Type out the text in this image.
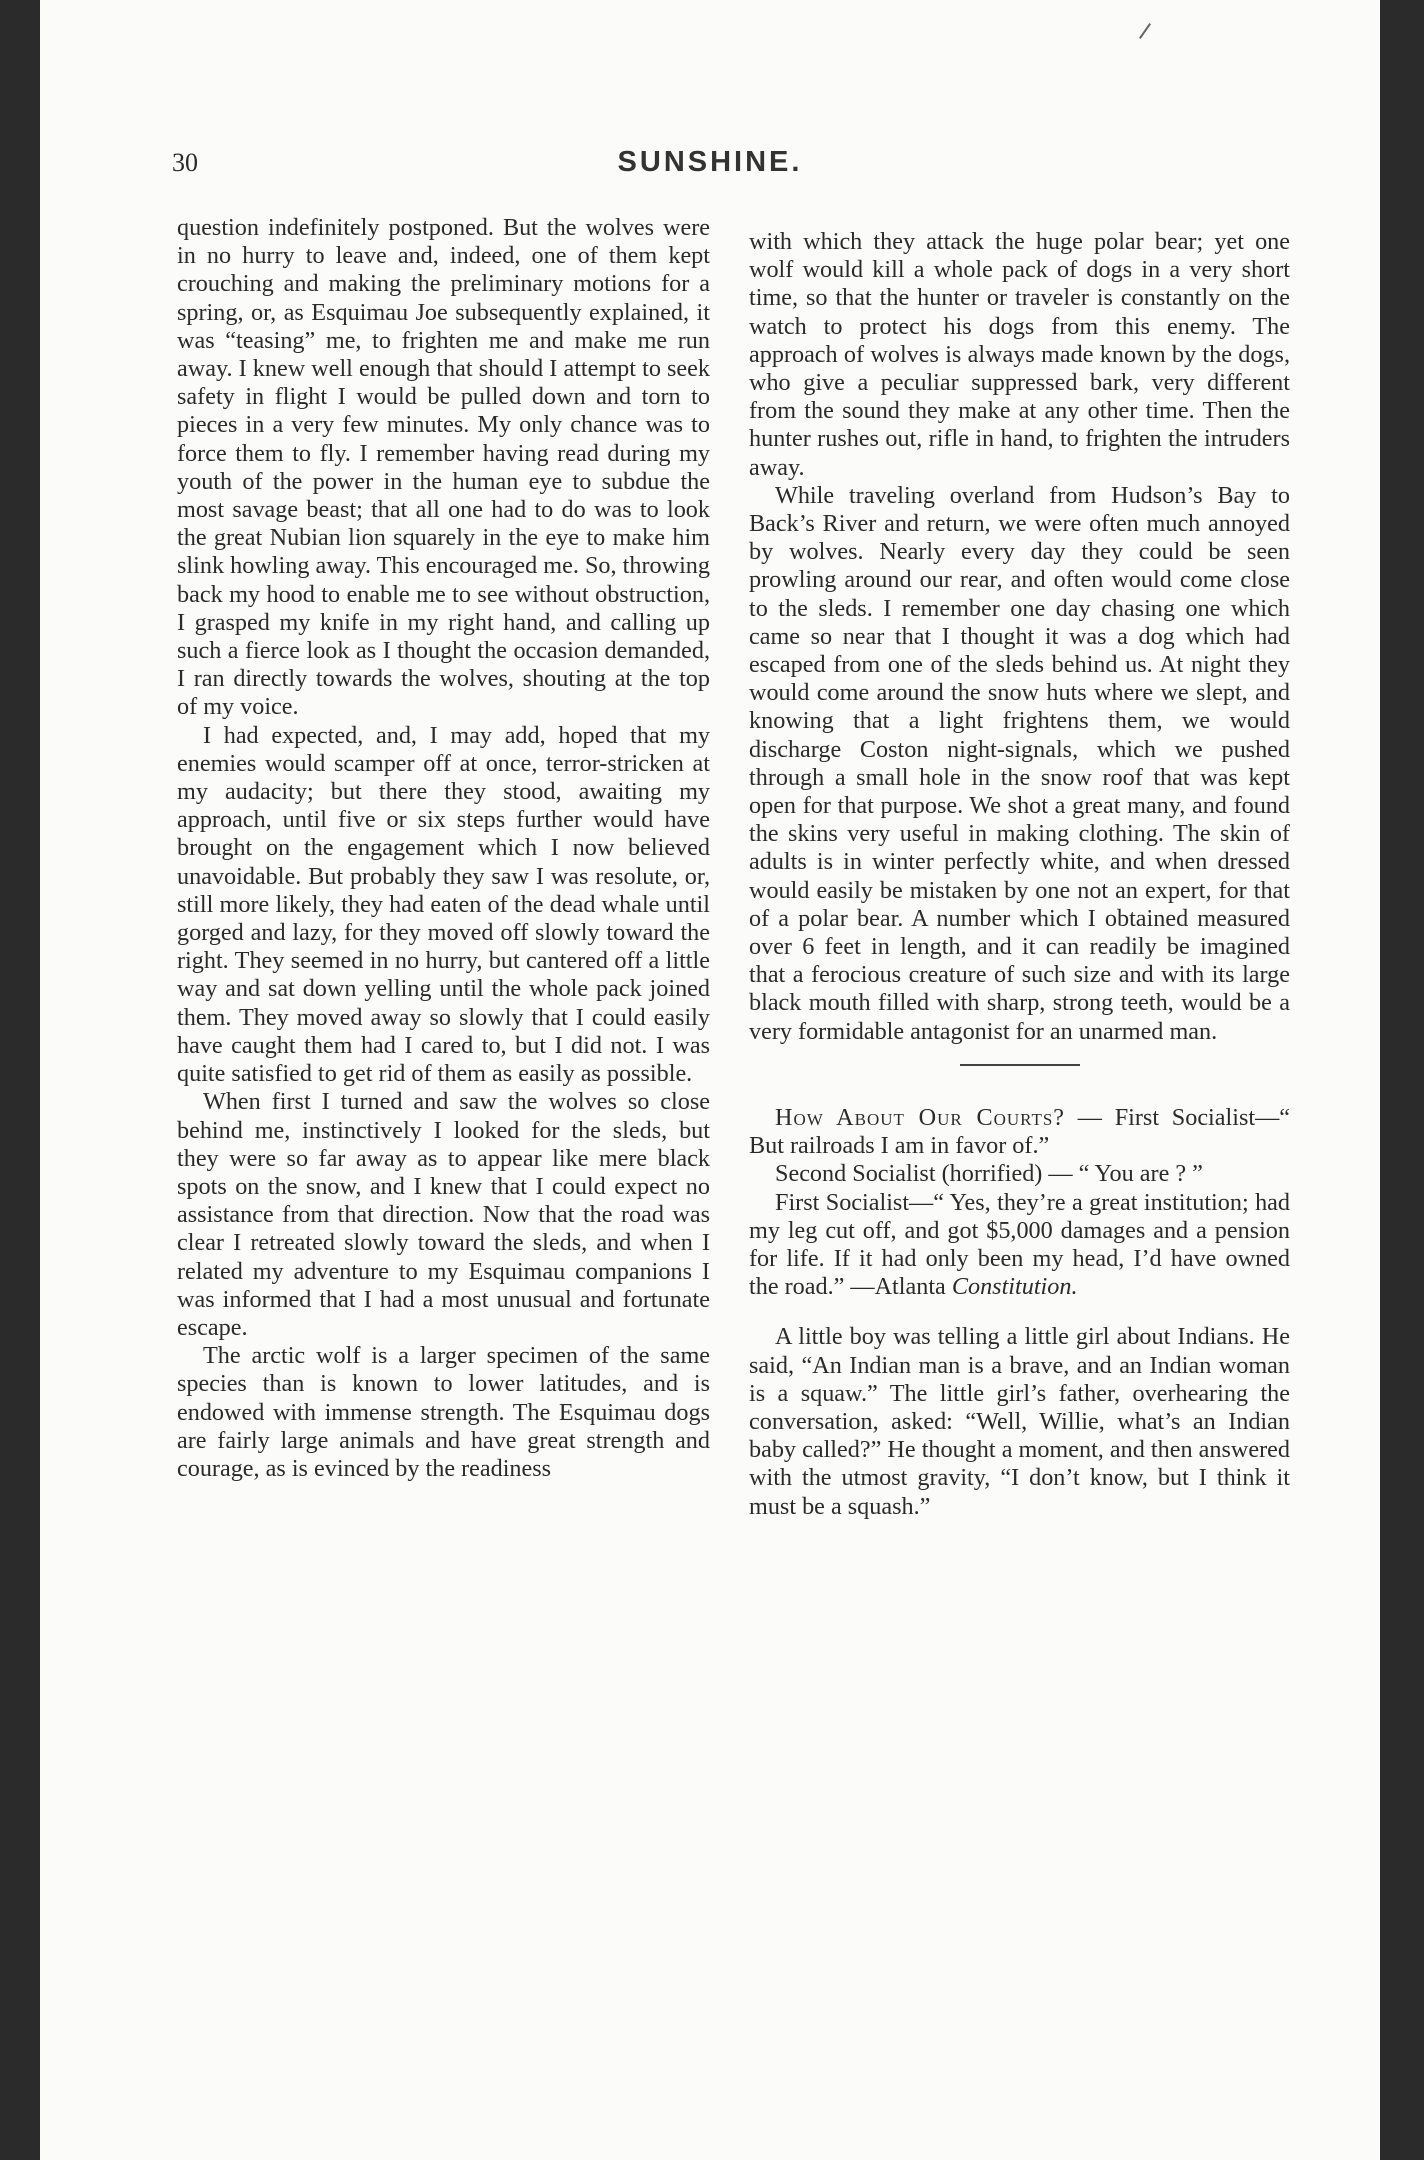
30	SUNSHINE.

question indefinitely postponed. But the wolves were in no hurry to leave and, indeed, one of them kept crouching and making the preliminary motions for a spring, or, as Esquimau Joe subsequently explained, it was “teasing” me, to frighten me and make me run away. I knew well enough that should I attempt to seek safety in flight I would be pulled down and torn to pieces in a very few minutes. My only chance was to force them to fly. I remember having read during my youth of the power in the human eye to subdue the most savage beast; that all one had to do was to look the great Nubian lion squarely in the eye to make him slink howling away. This encouraged me. So, throwing back my hood to enable me to see without obstruction, I grasped my knife in my right hand, and calling up such a fierce look as I thought the occasion demanded, I ran directly towards the wolves, shouting at the top of my voice.

I had expected, and, I may add, hoped that my enemies would scamper off at once, terror-stricken at my audacity; but there they stood, awaiting my approach, until five or six steps further would have brought on the engagement which I now believed unavoidable. But probably they saw I was resolute, or, still more likely, they had eaten of the dead whale until gorged and lazy, for they moved off slowly toward the right. They seemed in no hurry, but cantered off a little way and sat down yelling until the whole pack joined them. They moved away so slowly that I could easily have caught them had I cared to, but I did not. I was quite satisfied to get rid of them as easily as possible.

When first I turned and saw the wolves so close behind me, instinctively I looked for the sleds, but they were so far away as to appear like mere black spots on the snow, and I knew that I could expect no assistance from that direction. Now that the road was clear I retreated slowly toward the sleds, and when I related my adventure to my Esquimau companions I was informed that I had a most unusual and fortunate escape.

The arctic wolf is a larger specimen of the same species than is known to lower latitudes, and is endowed with immense strength. The Esquimau dogs are fairly large animals and have great strength and courage, as is evinced by the readiness

with which they attack the huge polar bear; yet one wolf would kill a whole pack of dogs in a very short time, so that the hunter or traveler is constantly on the watch to protect his dogs from this enemy. The approach of wolves is always made known by the dogs, who give a peculiar suppressed bark, very different from the sound they make at any other time. Then the hunter rushes out, rifle in hand, to frighten the intruders away.

While traveling overland from Hudson’s Bay to Back’s River and return, we were often much annoyed by wolves. Nearly every day they could be seen prowling around our rear, and often would come close to the sleds. I remember one day chasing one which came so near that I thought it was a dog which had escaped from one of the sleds behind us. At night they would come around the snow huts where we slept, and knowing that a light frightens them, we would discharge Coston night-signals, which we pushed through a small hole in the snow roof that was kept open for that purpose. We shot a great many, and found the skins very useful in making clothing. The skin of adults is in winter perfectly white, and when dressed would easily be mistaken by one not an expert, for that of a polar bear. A number which I obtained measured over 6 feet in length, and it can readily be imagined that a ferocious creature of such size and with its large black mouth filled with sharp, strong teeth, would be a very formidable antagonist for an unarmed man.

How About Our Courts? — First Socialist—“ But railroads I am in favor of.”

Second Socialist (horrified) — “ You are ? ”

First Socialist—“ Yes, they’re a great institution; had my leg cut off, and got $5,000 damages and a pension for life. If it had only been my head, I’d have owned the road.” —Atlanta Constitution.

A little boy was telling a little girl about Indians. He said, “An Indian man is a brave, and an Indian woman is a squaw.” The little girl’s father, overhearing the conversation, asked: “Well, Willie, what’s an Indian baby called?” He thought a moment, and then answered with the utmost gravity, “I don’t know, but I think it must be a squash.”
